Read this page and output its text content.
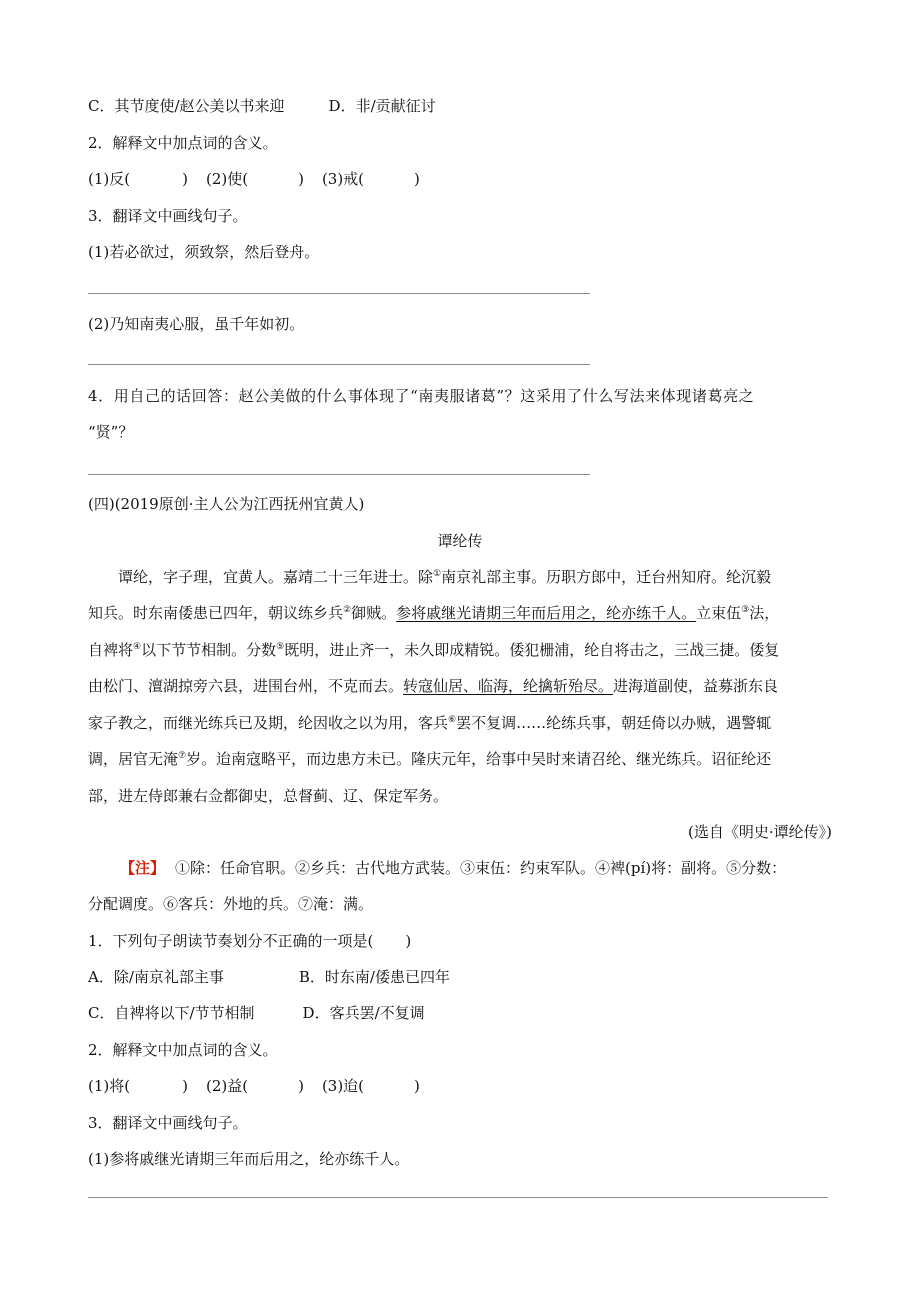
C．其节度使/赵公美以书来迎	D．非/贡献征讨
2．解释文中加点词的含义。
(1)反(	) (2)使(	) (3)戒(	)
3．翻译文中画线句子。
(1)若必欲过，须致祭，然后登舟。
(2)乃知南夷心服，虽千年如初。
4．用自己的话回答：赵公美做的什么事体现了“南夷服诸葛”？这采用了什么写法来体现诸葛亮之
“贤”？
(四)(2019原创·主人公为江西抚州宜黄人)
谭纶传
谭纶，字子理，宜黄人。嘉靖二十三年进士。除①南京礼部主事。历职方郎中，迁台州知府。纶沉毅
知兵。时东南倭患已四年，朝议练乡兵②御贼。参将戚继光请期三年而后用之，纶亦练千人。立束伍③法，
自裨将④以下节节相制。分数⑤既明，进止齐一，未久即成精锐。倭犯栅浦，纶自将击之，三战三捷。倭复
由松门、澶湖掠旁六县，进围台州，不克而去。转寇仙居、临海，纶擒斩殆尽。进海道副使，益募浙东良
家子教之，而继光练兵已及期，纶因收之以为用，客兵⑥罢不复调……纶练兵事，朝廷倚以办贼，遇警辄
调，居官无淹⑦岁。迨南寇略平，而边患方未已。隆庆元年，给事中吴时来请召纶、继光练兵。诏征纶还
部，进左侍郎兼右佥都御史，总督蓟、辽、保定军务。
(选自《明史·谭纶传》)
【注】 ①除：任命官职。②乡兵：古代地方武装。③束伍：约束军队。④裨(pí)将：副将。⑤分数：
分配调度。⑥客兵：外地的兵。⑦淹：满。
1．下列句子朗读节奏划分不正确的一项是( )
A．除/南京礼部主事	B．时东南/倭患已四年
C．自裨将以下/节节相制	D．客兵罢/不复调
2．解释文中加点词的含义。
(1)将(	) (2)益(	) (3)迨(	)
3．翻译文中画线句子。
(1)参将戚继光请期三年而后用之，纶亦练千人。
